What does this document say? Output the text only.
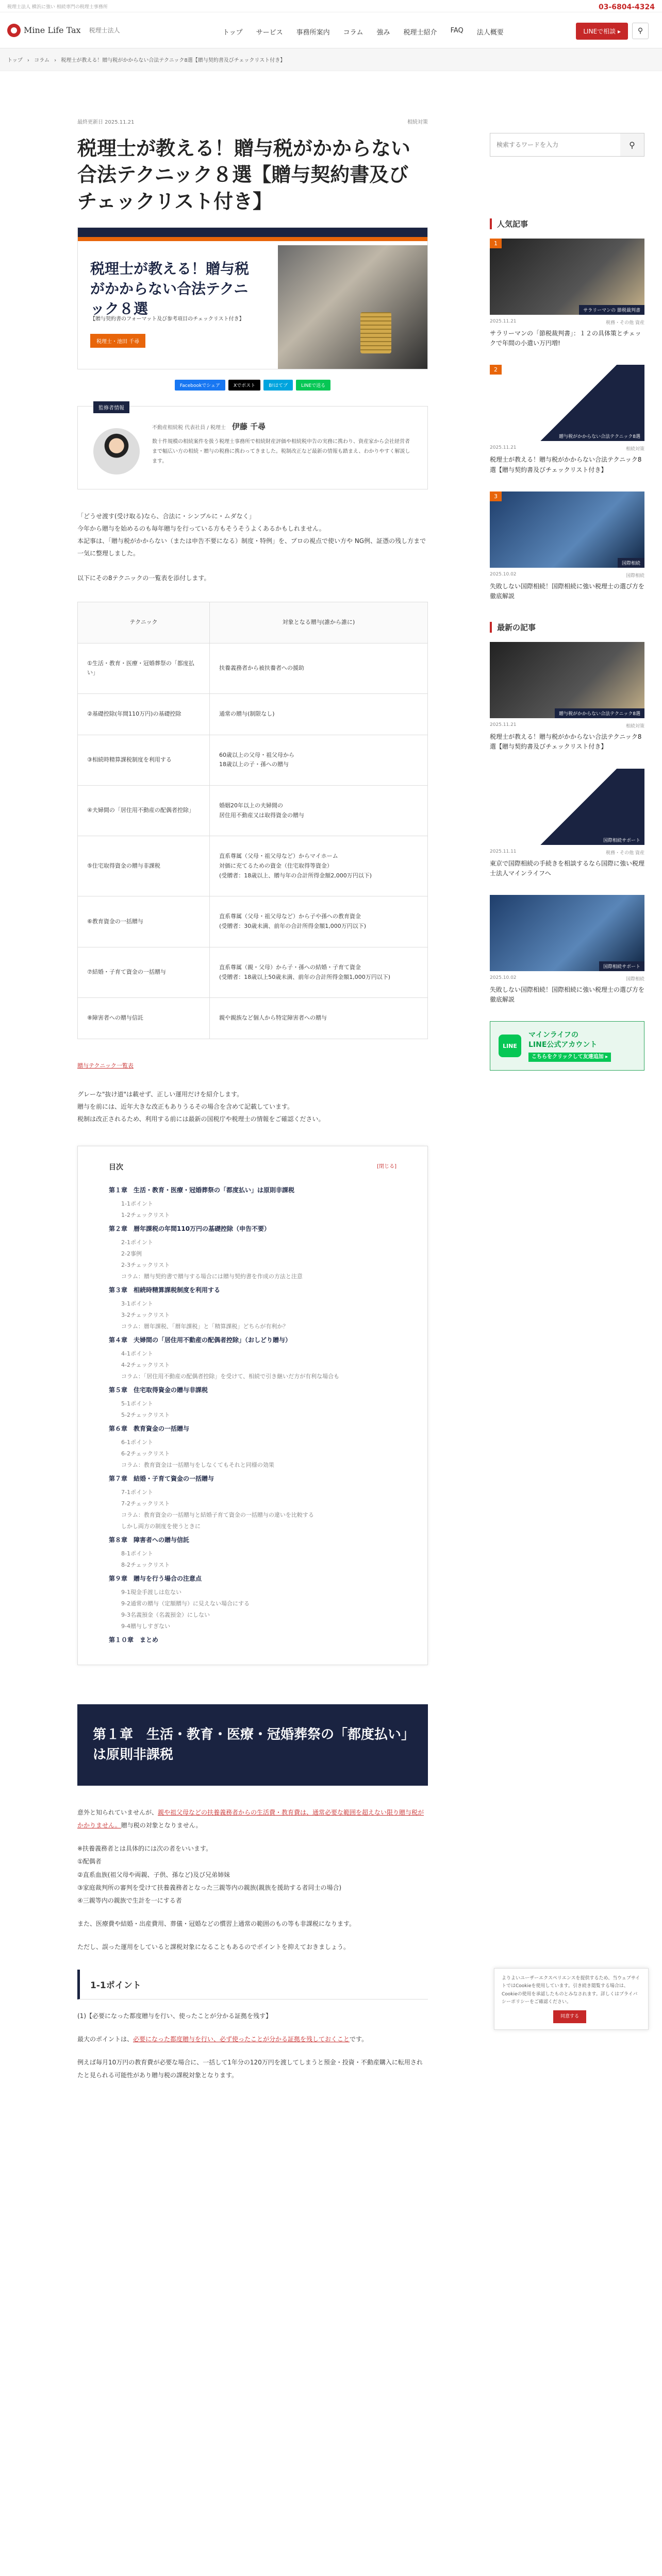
税理士法人 横浜に強い 相続専門の税理士事務所	03-6804-4324
Mine Life Tax 税理士法人	トップ サービス 事務所案内 コラム 強み 税理士紹介 FAQ 法人概要	LINEで相談 ▸	⚲
トップ › コラム › 税理士が教える！贈与税がかからない合法テクニック8選【贈与契約書及びチェックリスト付き】
最終更新日 2025.11.21	相続対策
税理士が教える！贈与税がかからない合法テクニック８選【贈与契約書及びチェックリスト付き】
税理士が教える！贈与税がかからない合法テクニック８選
【贈与契約書のフォーマット及び参考項目のチェックリスト付き】
税理士・池田 千尋
Facebookでシェア	Xでポスト	B!はてブ	LINEで送る
監修者情報
不動産相続税 代表社員 / 税理士 伊藤 千尋
数十件規模の相続案件を扱う税理士事務所で相続財産評価や相続税申告の実務に携わり、資産家から会社経営者まで幅広い方の相続・贈与の税務に携わってきました。税制改正など最新の情報も踏まえ、わかりやすく解説します。

「どうせ渡す(受け取る)なら、合法に・シンプルに・ムダなく」

今年から贈与を始めるのも毎年贈与を行っている方もそうそうよくあるかもしれません。

本記事は、「贈与税がかからない（または申告不要になる）制度・特例」を、プロの視点で使い方や NG例、証憑の残し方まで一気に整理しました。

以下にその8テクニックの一覧表を添付します。

テクニック	対象となる贈与(誰から誰に)
①生活・教育・医療・冠婚葬祭の「都度払い」	扶養義務者から被扶養者への援助
②基礎控除(年間110万円)の基礎控除	通常の贈与(制限なし)
③相続時精算課税制度を利用する	60歳以上の父母・祖父母から
18歳以上の子・孫への贈与
④夫婦間の「居住用不動産の配偶者控除」	婚姻20年以上の夫婦間の
居住用不動産又は取得資金の贈与
⑤住宅取得資金の贈与非課税	直系尊属（父母・祖父母など）からマイホーム
対価に充てるための資金（住宅取得等資金）
(受贈者：18歳以上、贈与年の合計所得金額2,000万円以下)
⑥教育資金の一括贈与	直系尊属（父母・祖父母など）から子や孫への教育資金
(受贈者：30歳未満、前年の合計所得金額1,000万円以下)
⑦結婚・子育て資金の一括贈与	直系尊属（親・父母）から子・孫への結婚・子育て資金
(受贈者：18歳以上50歳未満、前年の合計所得金額1,000万円以下)
⑧障害者への贈与信託	親や親族など個人から特定障害者への贈与
贈与テクニック一覧表

グレーな"抜け道"は載せず、正しい運用だけを紹介します。

贈与を前には、近年大きな改正もありうるその場合を含めて記載しています。

税制は改正されるため、利用する前には最新の国税庁や税理士の情報をご確認ください。

目次	[閉じる]
第１章　生活・教育・医療・冠婚葬祭の「都度払い」は原則非課税
1-1ポイント
1-2チェックリスト
第２章　暦年課税の年間110万円の基礎控除（申告不要）
2-1ポイント
2-2事例
2-3チェックリスト
コラム：贈与契約書で贈与する場合には贈与契約書を作成の方法と注意
第３章　相続時精算課税制度を利用する
3-1ポイント
3-2チェックリスト
コラム：暦年課税、「暦年課税」と「精算課税」どちらが有利か？
第４章　夫婦間の「居住用不動産の配偶者控除」（おしどり贈与）
4-1ポイント
4-2チェックリスト
コラム：「居住用不動産の配偶者控除」を受けて、相続で引き継いだ方が有利な場合も
第５章　住宅取得資金の贈与非課税
5-1ポイント
5-2チェックリスト
第６章　教育資金の一括贈与
6-1ポイント
6-2チェックリスト
コラム：教育資金は一括贈与をしなくてもそれと同様の効果
第７章　結婚・子育て資金の一括贈与
7-1ポイント
7-2チェックリスト
コラム：教育資金の一括贈与と結婚子育て資金の一括贈与の違いを比較する
しかし両方の制度を使うときに
第８章　障害者への贈与信託
8-1ポイント
8-2チェックリスト
第９章　贈与を行う場合の注意点
9-1現金手渡しは危ない
9-2通常の贈与（定額贈与）に見えない場合にする
9-3名義預金（名義預金）にしない
9-4贈与しすぎない
第１０章　まとめ
第１章　生活・教育・医療・冠婚葬祭の「都度払い」は原則非課税

意外と知られていませんが、親や祖父母などの扶養義務者からの生活費・教育費は、通常必要な範囲を超えない限り贈与税がかかりません。贈与税の対象となりません。

※扶養義務者とは具体的には次の者をいいます。
①配偶者
②直系血族(祖父母や両親、子供、孫など)及び兄弟姉妹
③家庭裁判所の審判を受けて扶養義務者となった三親等内の親族(親族を援助する者同士の場合)
④三親等内の親族で生計を一にする者

また、医療費や結婚・出産費用、葬儀・冠婚などの慣習上通常の範囲のもの等も非課税になります。

ただし、誤った運用をしていると課税対象になることもあるのでポイントを抑えておきましょう。

1-1ポイント

(1)【必要になった都度贈与を行い、使ったことが分かる証拠を残す】

最大のポイントは、必要になった都度贈与を行い、必ず使ったことが分かる証拠を残しておくことです。

例えば毎月10万円の教育費が必要な場合に、一括して1年分の120万円を渡してしまうと預金・投資・不動産購入に転用されたと見られる可能性があり贈与税の課税対象となります。

検索するワードを入力
⚲
人気記事
1
サラリーマンの 節税裁判書
2025.11.21	税務・その他 資産
サラリーマンの「節税裁判書」：１２の具体策とチェックで年間の小遣い万円増!
2
贈与税がかからない合法テクニック8選
2025.11.21	相続対策
税理士が教える！贈与税がかからない合法テクニック8選【贈与契約書及びチェックリスト付き】
3
国際相続
2025.10.02	国際相続
失敗しない国際相続！国際相続に強い税理士の選び方を徹底解説
最新の記事
贈与税がかからない合法テクニック8選
2025.11.21	相続対策
税理士が教える！贈与税がかからない合法テクニック8選【贈与契約書及びチェックリスト付き】
国際相続サポート
2025.11.11	税務・その他 資産
東京で国際相続の手続きを相談するなら国際に強い税理士法人マインライフへ
国際相続サポート
2025.10.02	国際相続
失敗しない国際相続！国際相続に強い税理士の選び方を徹底解説
LINE
マインライフの
LINE公式アカウント
こちらをクリックして友達追加 ▸
よりよいユーザーエクスペリエンスを提供するため、当ウェブサイトではCookieを使用しています。引き続き閲覧する場合は、Cookieの使用を承認したものとみなされます。詳しくはプライバシーポリシーをご確認ください。
同意する
